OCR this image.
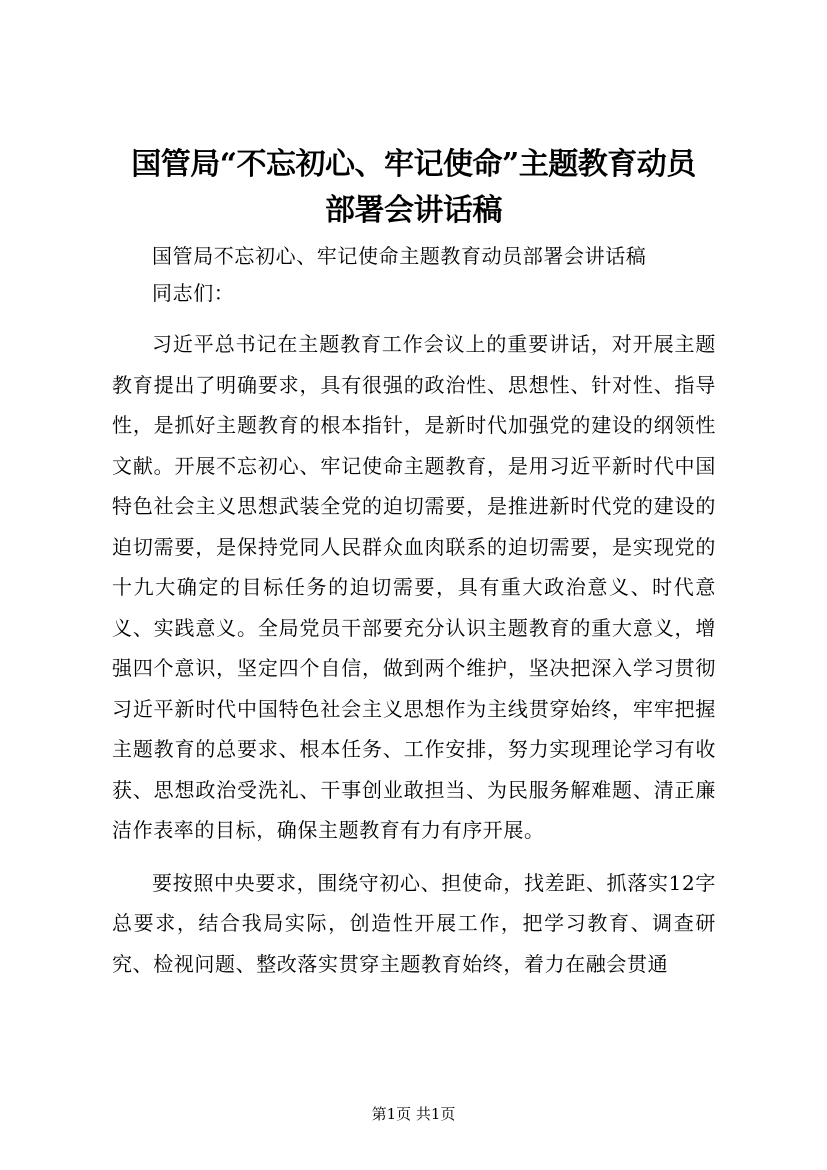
国管局“不忘初心、牢记使命”主题教育动员
部署会讲话稿

国管局不忘初心、牢记使命主题教育动员部署会讲话稿

同志们：

习近平总书记在主题教育工作会议上的重要讲话，对开展主题教育提出了明确要求，具有很强的政治性、思想性、针对性、指导性，是抓好主题教育的根本指针，是新时代加强党的建设的纲领性文献。开展不忘初心、牢记使命主题教育，是用习近平新时代中国特色社会主义思想武装全党的迫切需要，是推进新时代党的建设的迫切需要，是保持党同人民群众血肉联系的迫切需要，是实现党的十九大确定的目标任务的迫切需要，具有重大政治意义、时代意义、实践意义。全局党员干部要充分认识主题教育的重大意义，增强四个意识，坚定四个自信，做到两个维护，坚决把深入学习贯彻习近平新时代中国特色社会主义思想作为主线贯穿始终，牢牢把握主题教育的总要求、根本任务、工作安排，努力实现理论学习有收获、思想政治受洗礼、干事创业敢担当、为民服务解难题、清正廉洁作表率的目标，确保主题教育有力有序开展。

要按照中央要求，围绕守初心、担使命，找差距、抓落实12字总要求，结合我局实际，创造性开展工作，把学习教育、调查研究、检视问题、整改落实贯穿主题教育始终，着力在融会贯通

第1页 共1页
